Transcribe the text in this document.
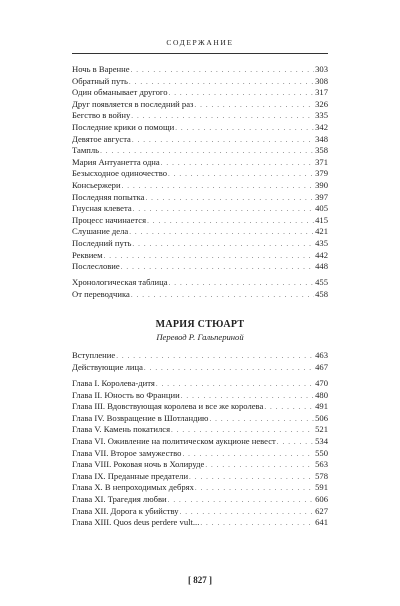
СОДЕРЖАНИЕ
Ночь в Варенне . . .	303
Обратный путь . . .	308
Один обманывает другого . . .	317
Друг появляется в последний раз . . .	326
Бегство в войну . . .	335
Последние крики о помощи . . .	342
Девятое августа . . .	348
Тампль . . .	358
Мария Антуанетта одна . . .	371
Безысходное одиночество . . .	379
Консьержери . . .	390
Последняя попытка . . .	397
Гнусная клевета . . .	405
Процесс начинается . . .	415
Слушание дела . . .	421
Последний путь . . .	435
Реквием . . .	442
Послесловие . . .	448
Хронологическая таблица . . .	455
От переводчика . . .	458
МАРИЯ СТЮАРТ
Перевод Р. Гальпериной
Вступление . . .	463
Действующие лица . . .	467
Глава I. Королева-дитя . . .	470
Глава II. Юность во Франции . . .	480
Глава III. Вдовствующая королева и все же королева . . .	491
Глава IV. Возвращение в Шотландию . . .	506
Глава V. Камень покатился . . .	521
Глава VI. Оживление на политическом аукционе невест . . .	534
Глава VII. Второе замужество . . .	550
Глава VIII. Роковая ночь в Холируде . . .	563
Глава IX. Преданные предатели . . .	578
Глава X. В непроходимых дебрях . . .	591
Глава XI. Трагедия любви . . .	606
Глава XII. Дорога к убийству . . .	627
Глава XIII. Quos deus perdere vult... . . .	641
[ 827 ]
